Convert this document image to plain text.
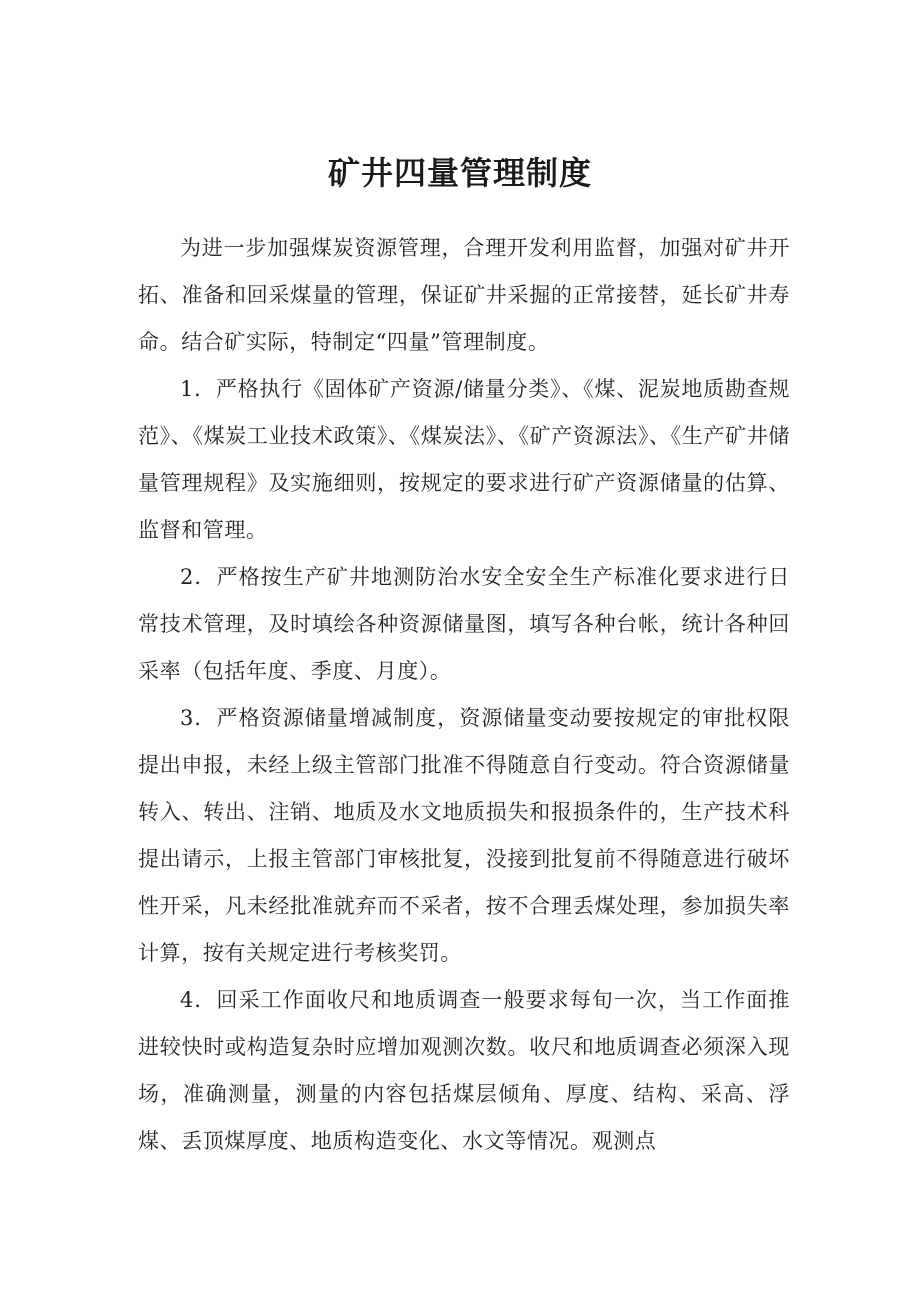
矿井四量管理制度

为进一步加强煤炭资源管理，合理开发利用监督，加强对矿井开拓、准备和回采煤量的管理，保证矿井采掘的正常接替，延长矿井寿命。结合矿实际，特制定“四量”管理制度。

1．严格执行《固体矿产资源/储量分类》、《煤、泥炭地质勘查规范》、《煤炭工业技术政策》、《煤炭法》、《矿产资源法》、《生产矿井储量管理规程》及实施细则，按规定的要求进行矿产资源储量的估算、监督和管理。

2．严格按生产矿井地测防治水安全安全生产标准化要求进行日常技术管理，及时填绘各种资源储量图，填写各种台帐，统计各种回采率（包括年度、季度、月度）。

3．严格资源储量增减制度，资源储量变动要按规定的审批权限提出申报，未经上级主管部门批准不得随意自行变动。符合资源储量转入、转出、注销、地质及水文地质损失和报损条件的，生产技术科提出请示，上报主管部门审核批复，没接到批复前不得随意进行破坏性开采，凡未经批准就弃而不采者，按不合理丢煤处理，参加损失率计算，按有关规定进行考核奖罚。

4．回采工作面收尺和地质调查一般要求每旬一次，当工作面推进较快时或构造复杂时应增加观测次数。收尺和地质调查必须深入现场，准确测量，测量的内容包括煤层倾角、厚度、结构、采高、浮煤、丢顶煤厚度、地质构造变化、水文等情况。观测点
